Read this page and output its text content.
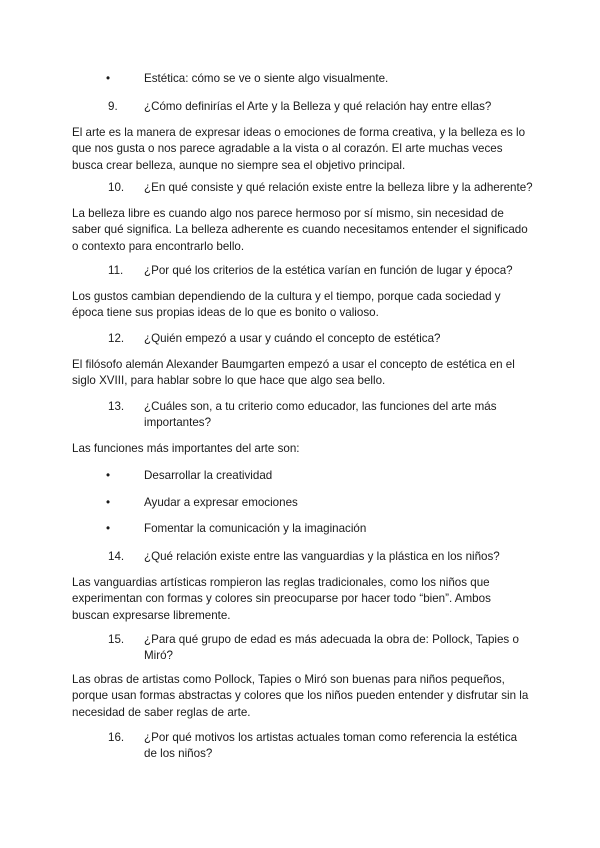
•	Estética: cómo se ve o siente algo visualmente.
9. ¿Cómo definirías el Arte y la Belleza y qué relación hay entre ellas?

El arte es la manera de expresar ideas o emociones de forma creativa, y la belleza es lo que nos gusta o nos parece agradable a la vista o al corazón. El arte muchas veces busca crear belleza, aunque no siempre sea el objetivo principal.

10. ¿En qué consiste y qué relación existe entre la belleza libre y la adherente?

La belleza libre es cuando algo nos parece hermoso por sí mismo, sin necesidad de saber qué significa. La belleza adherente es cuando necesitamos entender el significado o contexto para encontrarlo bello.

11. ¿Por qué los criterios de la estética varían en función de lugar y época?

Los gustos cambian dependiendo de la cultura y el tiempo, porque cada sociedad y época tiene sus propias ideas de lo que es bonito o valioso.

12. ¿Quién empezó a usar y cuándo el concepto de estética?

El filósofo alemán Alexander Baumgarten empezó a usar el concepto de estética en el siglo XVIII, para hablar sobre lo que hace que algo sea bello.

13. ¿Cuáles son, a tu criterio como educador, las funciones del arte más importantes?

Las funciones más importantes del arte son:

•	Desarrollar la creatividad
•	Ayudar a expresar emociones
•	Fomentar la comunicación y la imaginación
14. ¿Qué relación existe entre las vanguardias y la plástica en los niños?

Las vanguardias artísticas rompieron las reglas tradicionales, como los niños que experimentan con formas y colores sin preocuparse por hacer todo “bien”. Ambos buscan expresarse libremente.

15. ¿Para qué grupo de edad es más adecuada la obra de: Pollock, Tapies o Miró?

Las obras de artistas como Pollock, Tapies o Miró son buenas para niños pequeños, porque usan formas abstractas y colores que los niños pueden entender y disfrutar sin la necesidad de saber reglas de arte.

16. ¿Por qué motivos los artistas actuales toman como referencia la estética de los niños?
